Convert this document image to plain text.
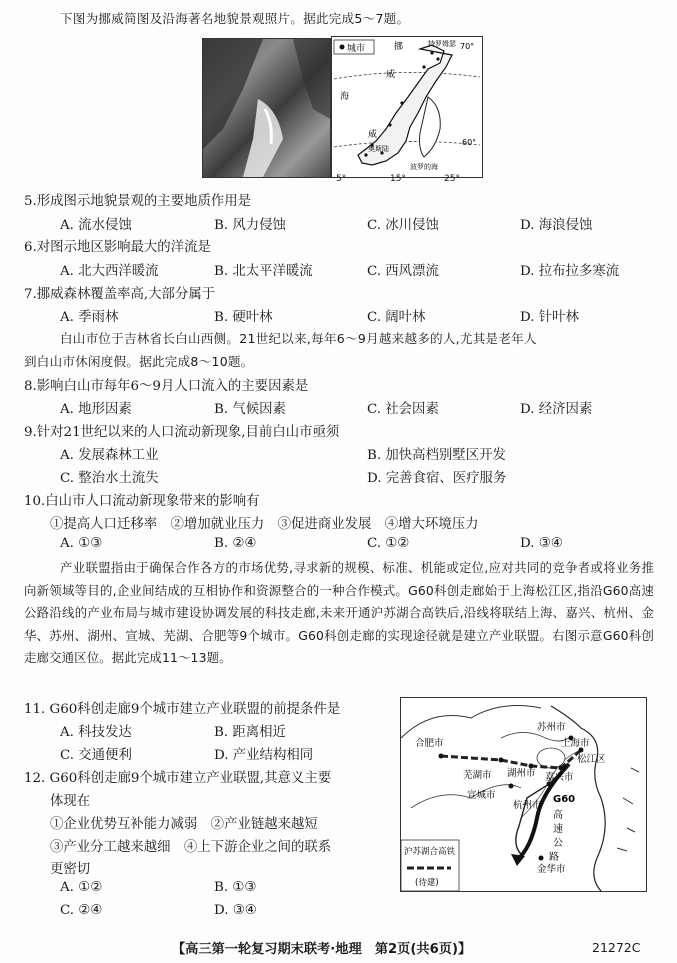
下图为挪威简图及沿海著名地貌景观照片。据此完成5～7题。
城市	特罗姆瑟
挪
威
海
威
奥斯陆
波罗的海
70°
60°
5°	15°	25°
5.形成图示地貌景观的主要地质作用是
A. 流水侵蚀	B. 风力侵蚀	C. 冰川侵蚀	D. 海浪侵蚀
6.对图示地区影响最大的洋流是
A. 北大西洋暖流	B. 北太平洋暖流	C. 西风漂流	D. 拉布拉多寒流
7.挪威森林覆盖率高,大部分属于
A. 季雨林	B. 硬叶林	C. 阔叶林	D. 针叶林
白山市位于吉林省长白山西侧。21世纪以来,每年6～9月越来越多的人,尤其是老年人
到白山市休闲度假。据此完成8～10题。
8.影响白山市每年6～9月人口流入的主要因素是
A. 地形因素	B. 气候因素	C. 社会因素	D. 经济因素
9.针对21世纪以来的人口流动新现象,目前白山市亟须
A. 发展森林工业	B. 加快高档别墅区开发
C. 整治水土流失	D. 完善食宿、医疗服务
10.白山市人口流动新现象带来的影响有
①提高人口迁移率　②增加就业压力　③促进商业发展　④增大环境压力
A. ①③	B. ②④	C. ①②	D. ③④
产业联盟指由于确保合作各方的市场优势,寻求新的规模、标准、机能或定位,应对共同的竞争者或将业务推向新领域等目的,企业间结成的互相协作和资源整合的一种合作模式。G60科创走廊始于上海松江区,指沿G60高速公路沿线的产业布局与城市建设协调发展的科技走廊,未来开通沪苏湖合高铁后,沿线将联结上海、嘉兴、杭州、金华、苏州、湖州、宣城、芜湖、合肥等9个城市。G60科创走廊的实现途径就是建立产业联盟。右图示意G60科创走廊交通区位。据此完成11～13题。
11. G60科创走廊9个城市建立产业联盟的前提条件是
A. 科技发达	B. 距离相近
C. 交通便利	D. 产业结构相同
12. G60科创走廊9个城市建立产业联盟,其意义主要
体现在
①企业优势互补能力减弱　②产业链越来越短
③产业分工越来越细　④上下游企业之间的联系
更密切
A. ①②	B. ①③
C. ②④	D. ③④
苏州市
上海市
松江区
合肥市
芜湖市 湖州市 嘉兴市
宣城市
杭州市
G60
高
速
公
路
金华市
沪苏湖合高铁
(待建)
【高三第一轮复习期末联考·地理　第2页(共6页)】	21272C
